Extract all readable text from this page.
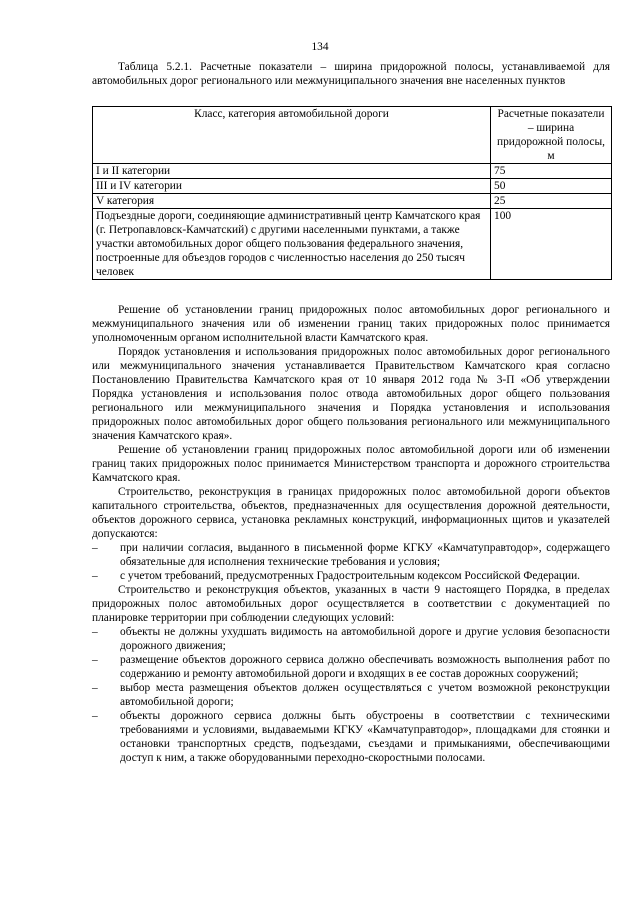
134
Таблица 5.2.1. Расчетные показатели – ширина придорожной полосы, устанавливаемой для автомобильных дорог регионального или межмуниципального значения вне населенных пунктов
Класс, категория автомобильной дороги	Расчетные показатели – ширина придорожной полосы, м
I и II категории	75
III и IV категории	50
V категория	25
Подъездные дороги, соединяющие административный центр Камчатского края (г. Петропавловск-Камчатский) с другими населенными пунктами, а также участки автомобильных дорог общего пользования федерального значения, построенные для объездов городов с численностью населения до 250 тысяч человек	100

Решение об установлении границ придорожных полос автомобильных дорог регионального и межмуниципального значения или об изменении границ таких придорожных полос принимается уполномоченным органом исполнительной власти Камчатского края.

Порядок установления и использования придорожных полос автомобильных дорог регионального или межмуниципального значения устанавливается Правительством Камчатского края согласно Постановлению Правительства Камчатского края от 10 января 2012 года № 3-П «Об утверждении Порядка установления и использования полос отвода автомобильных дорог общего пользования регионального или межмуниципального значения и Порядка установления и использования придорожных полос автомобильных дорог общего пользования регионального или межмуниципального значения Камчатского края».

Решение об установлении границ придорожных полос автомобильной дороги или об изменении границ таких придорожных полос принимается Министерством транспорта и дорожного строительства Камчатского края.

Строительство, реконструкция в границах придорожных полос автомобильной дороги объектов капитального строительства, объектов, предназначенных для осуществления дорожной деятельности, объектов дорожного сервиса, установка рекламных конструкций, информационных щитов и указателей допускаются:

– при наличии согласия, выданного в письменной форме КГКУ «Камчатуправтодор», содержащего обязательные для исполнения технические требования и условия;
– с учетом требований, предусмотренных Градостроительным кодексом Российской Федерации.

Строительство и реконструкция объектов, указанных в части 9 настоящего Порядка, в пределах придорожных полос автомобильных дорог осуществляется в соответствии с документацией по планировке территории при соблюдении следующих условий:

– объекты не должны ухудшать видимость на автомобильной дороге и другие условия безопасности дорожного движения;
– размещение объектов дорожного сервиса должно обеспечивать возможность выполнения работ по содержанию и ремонту автомобильной дороги и входящих в ее состав дорожных сооружений;
– выбор места размещения объектов должен осуществляться с учетом возможной реконструкции автомобильной дороги;
– объекты дорожного сервиса должны быть обустроены в соответствии с техническими требованиями и условиями, выдаваемыми КГКУ «Камчатуправтодор», площадками для стоянки и остановки транспортных средств, подъездами, съездами и примыканиями, обеспечивающими доступ к ним, а также оборудованными переходно-скоростными полосами.
